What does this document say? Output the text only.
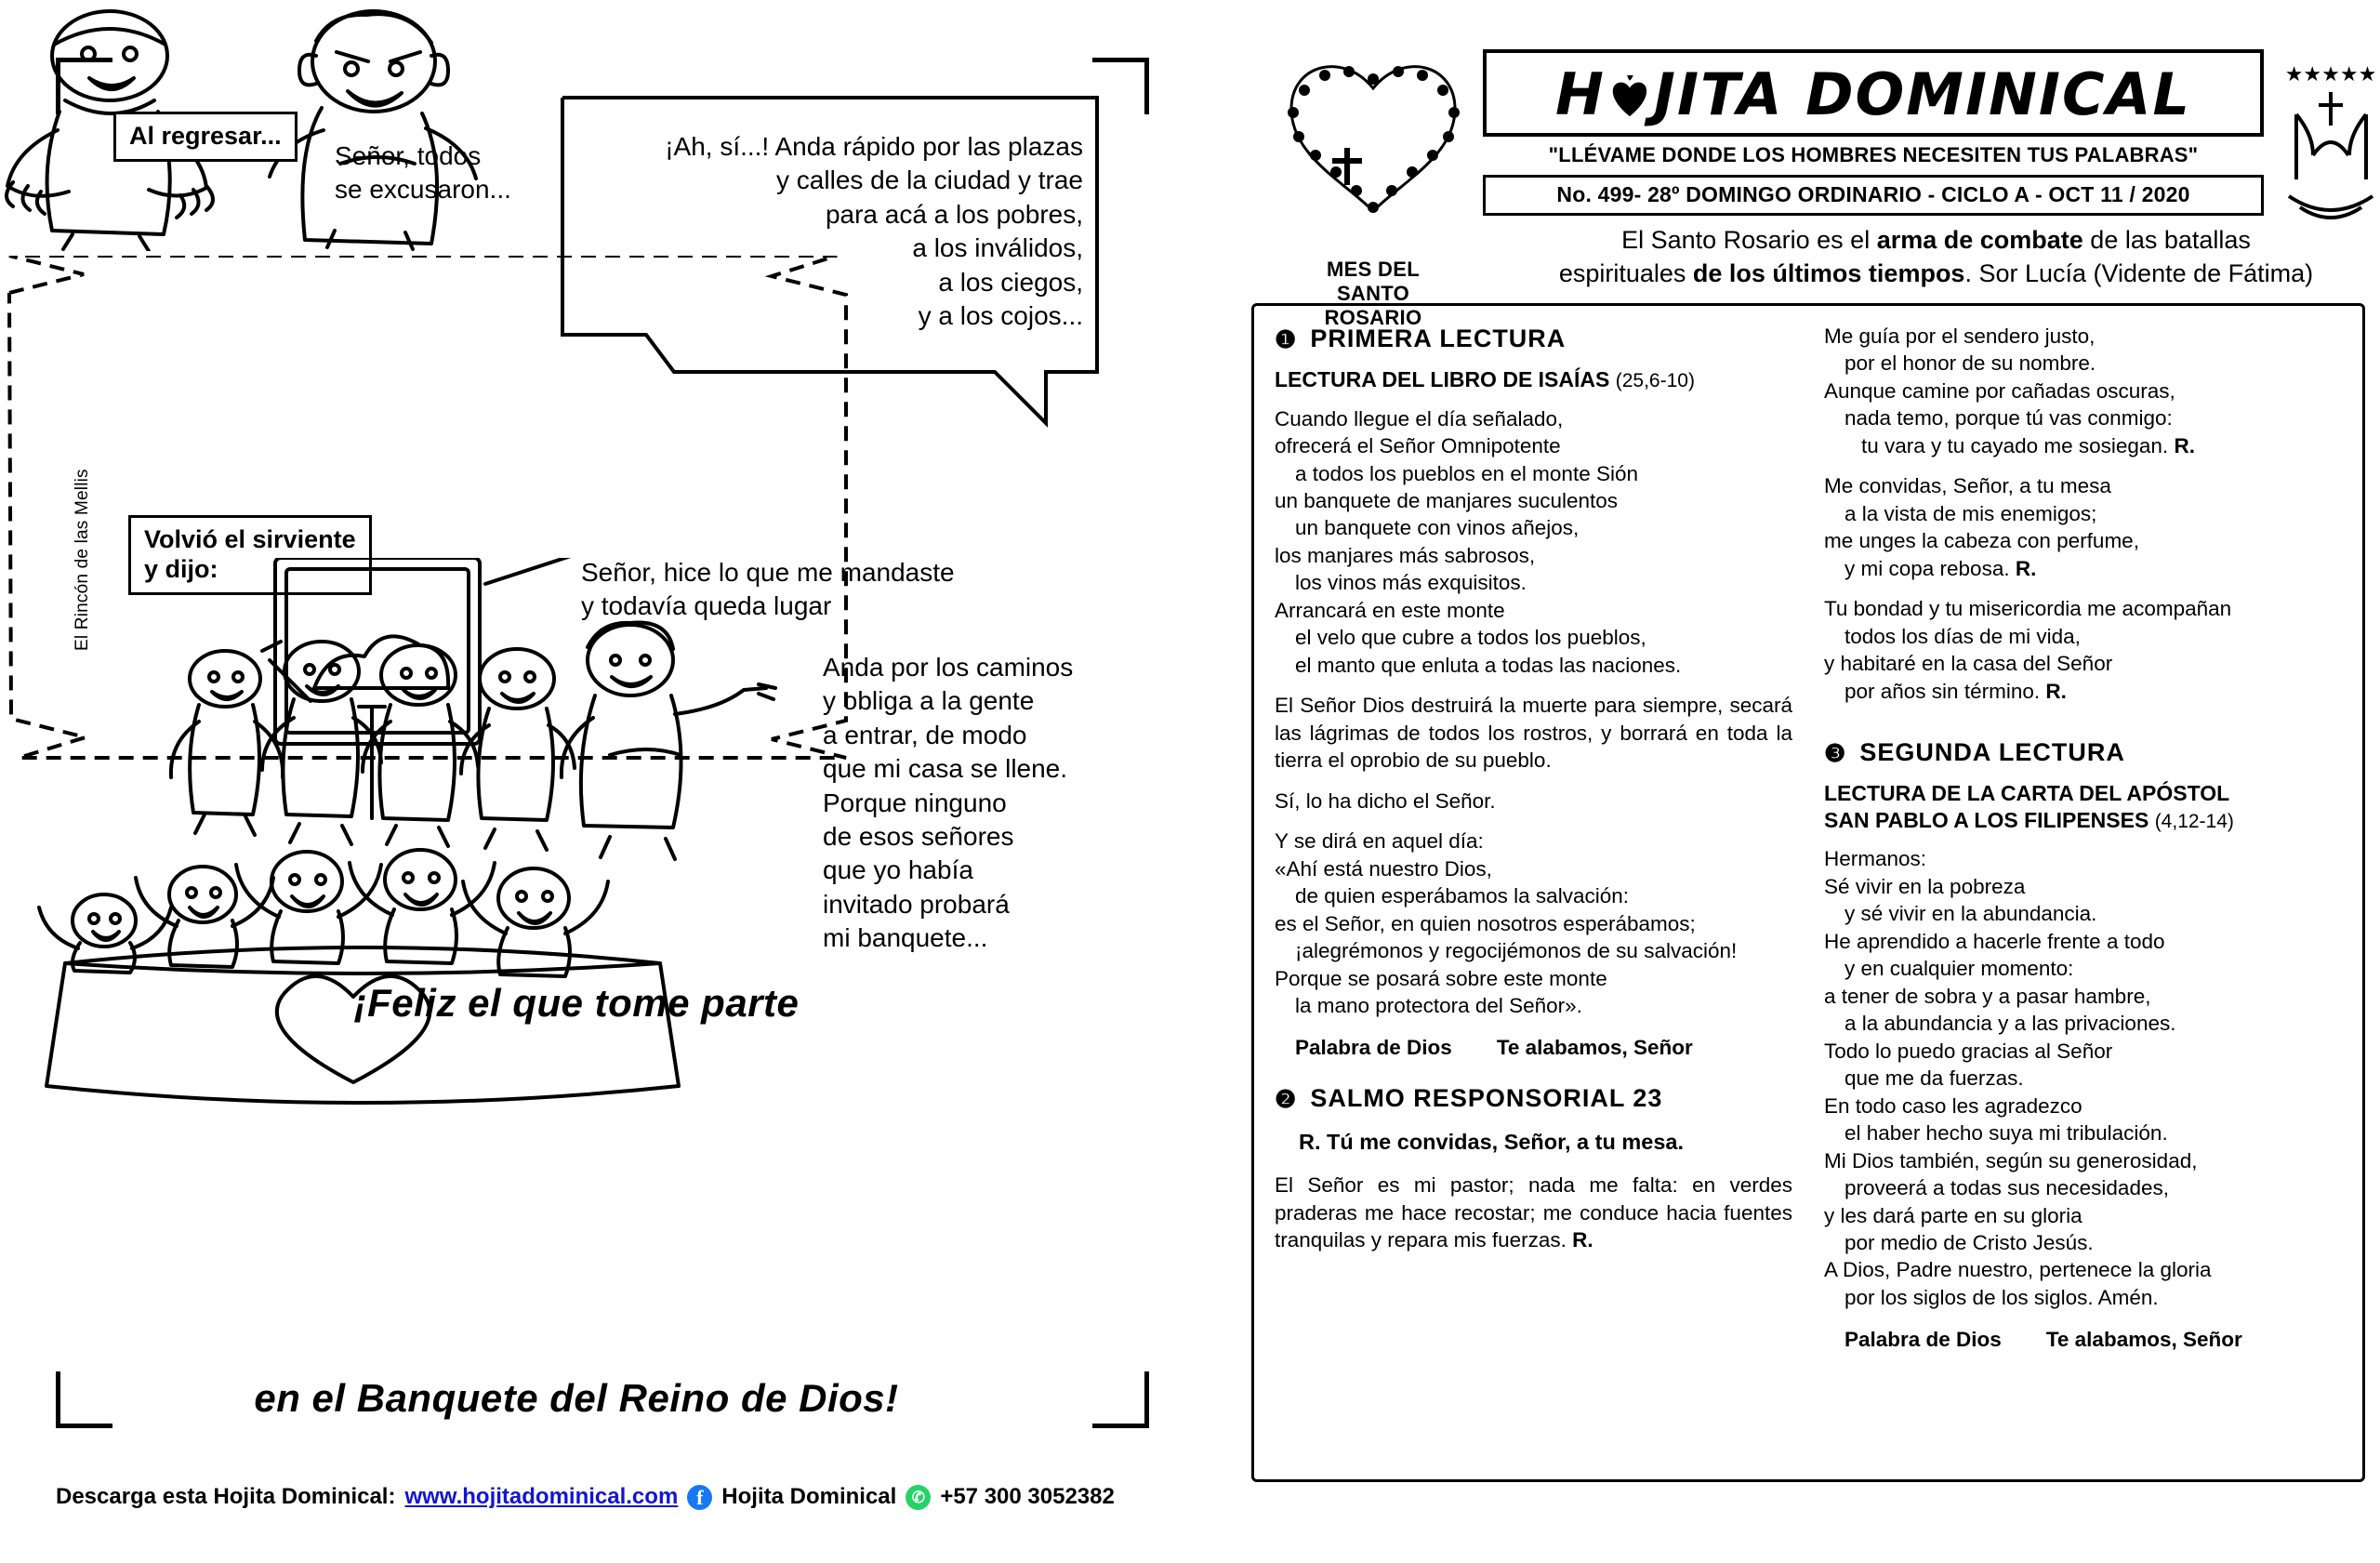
El Rincón de las Mellis
Al regresar...
Señor, todos
se excusaron...
¡Ah, sí...! Anda rápido por las plazas
y calles de la ciudad y trae
para acá a los pobres,
a los inválidos,
a los ciegos,
y a los cojos...

Volvió el sirviente
y dijo:	Señor, hice lo que me mandaste
y todavía queda lugar
Anda por los caminos
y obliga a la gente
a entrar, de modo
que mi casa se llene.
Porque ninguno
de esos señores
que yo había
invitado probará
mi banquete...

¡Feliz el que tome parte
en el Banquete del Reino de Dios!
Descarga esta Hojita Dominical: www.hojitadominical.com f Hojita Dominical ✆ +57 300 3052382
MES DEL
SANTO
ROSARIO
H JITA DOMINICAL
"LLÉVAME DONDE LOS HOMBRES NECESITEN TUS PALABRAS"
No. 499- 28º DOMINGO ORDINARIO - CICLO A - OCT 11 / 2020
★★★★★
El Santo Rosario es el arma de combate de las batallas
espirituales de los últimos tiempos. Sor Lucía (Vidente de Fátima)
❶ PRIMERA LECTURA
LECTURA DEL LIBRO DE ISAÍAS (25,6-10)

Cuando llegue el día señalado,
ofrecerá el Señor Omnipotente

a todos los pueblos en el monte Sión
un banquete de manjares suculentos

un banquete con vinos añejos,
los manjares más sabrosos,

los vinos más exquisitos.
Arrancará en este monte

el velo que cubre a todos los pueblos,
el manto que enluta a todas las naciones.

El Señor Dios destruirá la muerte para siempre, secará las lágrimas de todos los rostros, y borrará en toda la tierra el oprobio de su pueblo.

Sí, lo ha dicho el Señor.

Y se dirá en aquel día:
«Ahí está nuestro Dios,

de quien esperábamos la salvación:
es el Señor, en quien nosotros esperábamos;

¡alegrémonos y regocijémonos de su salvación!
Porque se posará sobre este monte

la mano protectora del Señor».

Palabra de Dios Te alabamos, Señor
❷ SALMO RESPONSORIAL 23
R. Tú me convidas, Señor, a tu mesa.

El Señor es mi pastor; nada me falta: en verdes praderas me hace recostar; me conduce hacia fuentes tranquilas y repara mis fuerzas. R.

Me guía por el sendero justo,

por el honor de su nombre.
Aunque camine por cañadas oscuras,

nada temo, porque tú vas conmigo:
tu vara y tu cayado me sosiegan. R.

Me convidas, Señor, a tu mesa

a la vista de mis enemigos;
me unges la cabeza con perfume,
y mi copa rebosa. R.

Tu bondad y tu misericordia me acompañan

todos los días de mi vida,
y habitaré en la casa del Señor
por años sin término. R.

❸ SEGUNDA LECTURA
LECTURA DE LA CARTA DEL APÓSTOL
SAN PABLO A LOS FILIPENSES (4,12-14)

Hermanos:
Sé vivir en la pobreza

y sé vivir en la abundancia.
He aprendido a hacerle frente a todo

y en cualquier momento:
a tener de sobra y a pasar hambre,

a la abundancia y a las privaciones.
Todo lo puedo gracias al Señor

que me da fuerzas.
En todo caso les agradezco

el haber hecho suya mi tribulación.
Mi Dios también, según su generosidad,

proveerá a todas sus necesidades,
y les dará parte en su gloria

por medio de Cristo Jesús.
A Dios, Padre nuestro, pertenece la gloria

por los siglos de los siglos. Amén.

Palabra de Dios Te alabamos, Señor
